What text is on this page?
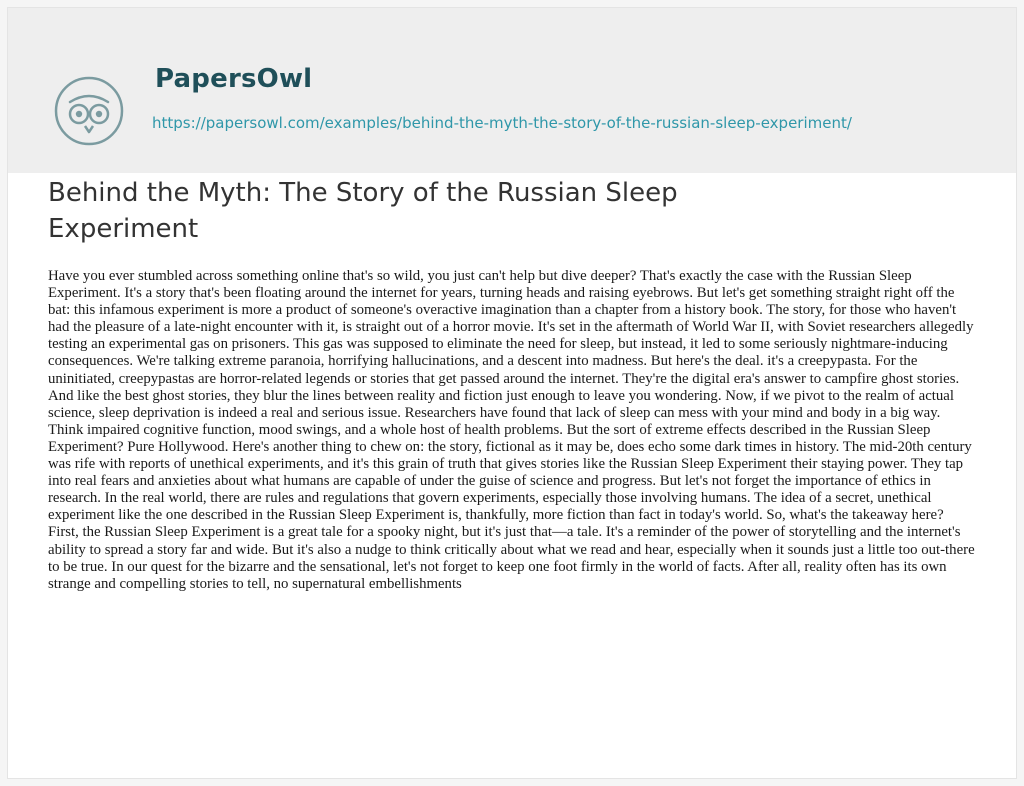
PapersOwl
https://papersowl.com/examples/behind-the-myth-the-story-of-the-russian-sleep-experiment/
Behind the Myth: The Story of the Russian Sleep Experiment

Have you ever stumbled across something online that's so wild, you just can't help but dive deeper? That's exactly the case with the Russian Sleep Experiment. It's a story that's been floating around the internet for years, turning heads and raising eyebrows. But let's get something straight right off the bat: this infamous experiment is more a product of someone's overactive imagination than a chapter from a history book. The story, for those who haven't had the pleasure of a late-night encounter with it, is straight out of a horror movie. It's set in the aftermath of World War II, with Soviet researchers allegedly testing an experimental gas on prisoners. This gas was supposed to eliminate the need for sleep, but instead, it led to some seriously nightmare-inducing consequences. We're talking extreme paranoia, horrifying hallucinations, and a descent into madness. But here's the deal. it's a creepypasta. For the uninitiated, creepypastas are horror-related legends or stories that get passed around the internet. They're the digital era's answer to campfire ghost stories. And like the best ghost stories, they blur the lines between reality and fiction just enough to leave you wondering. Now, if we pivot to the realm of actual science, sleep deprivation is indeed a real and serious issue. Researchers have found that lack of sleep can mess with your mind and body in a big way. Think impaired cognitive function, mood swings, and a whole host of health problems. But the sort of extreme effects described in the Russian Sleep Experiment? Pure Hollywood. Here's another thing to chew on: the story, fictional as it may be, does echo some dark times in history. The mid-20th century was rife with reports of unethical experiments, and it's this grain of truth that gives stories like the Russian Sleep Experiment their staying power. They tap into real fears and anxieties about what humans are capable of under the guise of science and progress. But let's not forget the importance of ethics in research. In the real world, there are rules and regulations that govern experiments, especially those involving humans. The idea of a secret, unethical experiment like the one described in the Russian Sleep Experiment is, thankfully, more fiction than fact in today's world. So, what's the takeaway here? First, the Russian Sleep Experiment is a great tale for a spooky night, but it's just that—a tale. It's a reminder of the power of storytelling and the internet's ability to spread a story far and wide. But it's also a nudge to think critically about what we read and hear, especially when it sounds just a little too out-there to be true. In our quest for the bizarre and the sensational, let's not forget to keep one foot firmly in the world of facts. After all, reality often has its own strange and compelling stories to tell, no supernatural embellishments
